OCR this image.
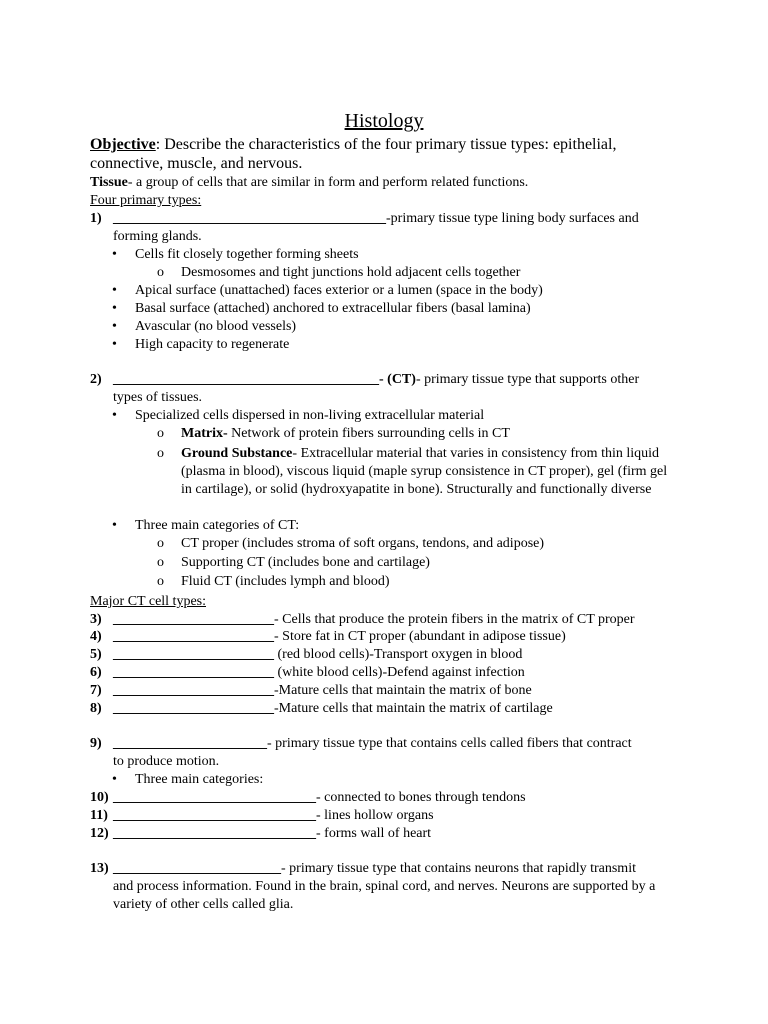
Histology
Objective: Describe the characteristics of the four primary tissue types: epithelial, connective, muscle, and nervous.
Tissue- a group of cells that are similar in form and perform related functions.
Four primary types:
1) _______________________________________-primary tissue type lining body surfaces and
forming glands.
•	Cells fit closely together forming sheets
o Desmosomes and tight junctions hold adjacent cells together
•	Apical surface (unattached) faces exterior or a lumen (space in the body)
•	Basal surface (attached) anchored to extracellular fibers (basal lamina)
•	Avascular (no blood vessels)
•	High capacity to regenerate
2) ______________________________________- (CT)- primary tissue type that supports other
types of tissues.
•	Specialized cells dispersed in non-living extracellular material
o Matrix- Network of protein fibers surrounding cells in CT
o Ground Substance- Extracellular material that varies in consistency from thin liquid (plasma in blood), viscous liquid (maple syrup consistence in CT proper), gel (firm gel in cartilage), or solid (hydroxyapatite in bone). Structurally and functionally diverse
•	Three main categories of CT:
o CT proper (includes stroma of soft organs, tendons, and adipose)
o Supporting CT (includes bone and cartilage)
o Fluid CT (includes lymph and blood)
Major CT cell types:
3) _______________________- Cells that produce the protein fibers in the matrix of CT proper
4) _______________________- Store fat in CT proper (abundant in adipose tissue)
5) _______________________ (red blood cells)-Transport oxygen in blood
6) _______________________ (white blood cells)-Defend against infection
7) _______________________-Mature cells that maintain the matrix of bone
8) _______________________-Mature cells that maintain the matrix of cartilage
9) ______________________- primary tissue type that contains cells called fibers that contract
to produce motion.
•	Three main categories:
10) _____________________________- connected to bones through tendons
11) _____________________________- lines hollow organs
12) _____________________________- forms wall of heart
13) ________________________- primary tissue type that contains neurons that rapidly transmit
and process information. Found in the brain, spinal cord, and nerves. Neurons are supported by a variety of other cells called glia.
